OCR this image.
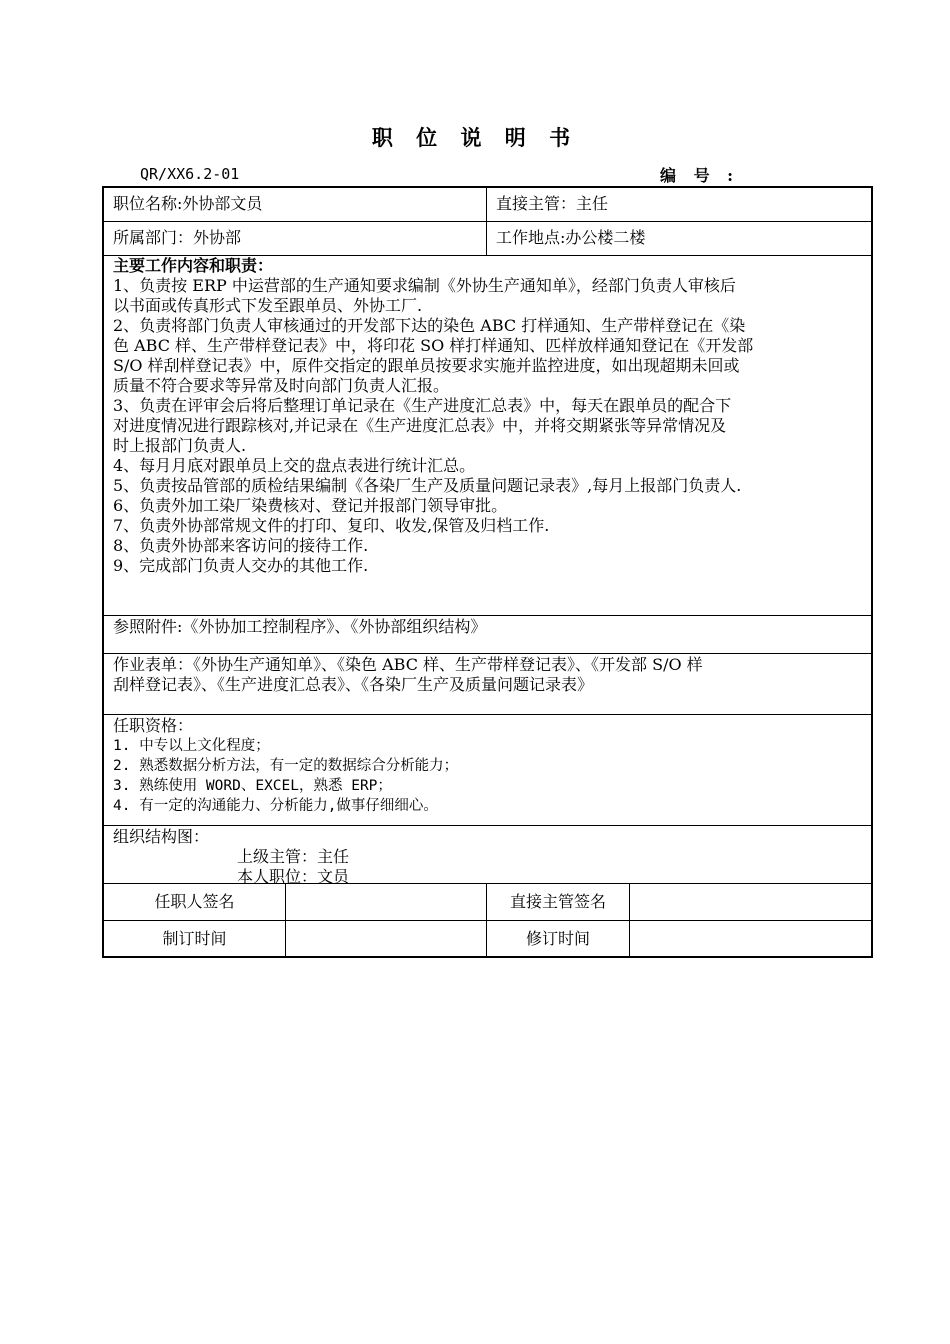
职 位 说 明 书
QR/XX6.2-01	编 号 :
职位名称:外协部文员	直接主管：主任
所属部门：外协部	工作地点:办公楼二楼
主要工作内容和职责：
1、负责按 ERP 中运营部的生产通知要求编制《外协生产通知单》，经部门负责人审核后
以书面或传真形式下发至跟单员、外协工厂.
2、负责将部门负责人审核通过的开发部下达的染色 ABC 打样通知、生产带样登记在《染
色 ABC 样、生产带样登记表》中，将印花 SO 样打样通知、匹样放样通知登记在《开发部
S/O 样刮样登记表》中，原件交指定的跟单员按要求实施并监控进度，如出现超期未回或
质量不符合要求等异常及时向部门负责人汇报。
3、负责在评审会后将后整理订单记录在《生产进度汇总表》中，每天在跟单员的配合下
对进度情况进行跟踪核对,并记录在《生产进度汇总表》中，并将交期紧张等异常情况及
时上报部门负责人.
4、每月月底对跟单员上交的盘点表进行统计汇总。
5、负责按品管部的质检结果编制《各染厂生产及质量问题记录表》,每月上报部门负责人.
6、负责外加工染厂染费核对、登记并报部门领导审批。
7、负责外协部常规文件的打印、复印、收发,保管及归档工作.
8、负责外协部来客访问的接待工作.
9、完成部门负责人交办的其他工作.
参照附件:《外协加工控制程序》、《外协部组织结构》
作业表单：《外协生产通知单》、《染色 ABC 样、生产带样登记表》、《开发部 S/O 样
刮样登记表》、《生产进度汇总表》、《各染厂生产及质量问题记录表》
任职资格：
1. 中专以上文化程度；
2. 熟悉数据分析方法，有一定的数据综合分析能力；
3. 熟练使用 WORD、EXCEL，熟悉 ERP；
4. 有一定的沟通能力、分析能力,做事仔细细心。
组织结构图：
上级主管：主任
本人职位：文员
任职人签名	直接主管签名
制订时间	修订时间
